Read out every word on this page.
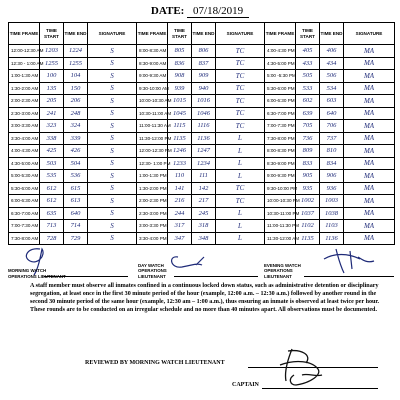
DATE: 07/18/2019
TIME FRAME	TIME START	TIME END	SIGNATURE	TIME FRAME	TIME START	TIME END	SIGNATURE	TIME FRAME	TIME START	TIME END	SIGNATURE
12:00-12:30 AM	1203	1224	S	8:00-8:30 AM	805	806	TC	4:00-4:30 PM	405	406	MA
12:30 - 1:00 AM	1255	1255	S	8:30-9:00 AM	836	837	TC	4:30-5:00 PM	433	434	MA
1:00-1:30 AM	100	104	S	9:00-9:30 AM	908	909	TC	5:00 -5:30 PM	505	506	MA
1:30-2:00 AM	135	150	S	9:30-10:00 AM	939	940	TC	5:30-6:00 PM	533	534	MA
2:00-2:30 AM	205	206	S	10:00-10:30 AM	1015	1016	TC	6:00-6:30 PM	602	603	MA
2:30-3:00 AM	241	248	S	10:30-11:00 AM	1045	1046	TC	6:30-7:00 PM	639	640	MA
3:00-3:30 AM	323	324	S	11:00-11:30 AM	1115	1116	TC	7:00-7:30 PM	705	706	MA
3:30-4:00 AM	338	339	S	11:30-12:00 PM	1135	1136	L	7:30-8:00 PM	736	737	MA
4:00-4:30 AM	425	426	S	12:00-12:30 PM	1246	1247	L	8:00-8:30 PM	809	810	MA
4:30-5:00 AM	503	504	S	12:30- 1:00 PM	1233	1234	L	8:30-9:00 PM	833	834	MA
5:00-5:30 AM	535	536	S	1:00-1:30 PM	110	111	L	9:00-9:30 PM	905	906	MA
5:30-6:00 AM	612	615	S	1:30-2:00 PM	141	142	TC	9:30-10:00 PM	935	936	MA
6:00-6:30 AM	612	613	S	2:00-2:30 PM	216	217	TC	10:00-10:30 PM	1002	1003	MA
6:30-7:00 AM	635	640	S	2:30-3:00 PM	244	245	L	10:30-11:00 PM	1037	1038	MA
7:00-7:30 AM	713	714	S	3:00-3:30 PM	317	318	L	11:00-11:30 PM	1102	1103	MA
7:30-8:00 AM	728	729	S	3:30-4:00 PM	347	348	L	11:30-12:00 AM	1135	1136	MA
MORNING WATCH OPERATIONS LIEUTENANT
DAY WATCH OPERATIONS LIEUTENANT
EVENING WATCH OPERATIONS LIEUTENANT
A staff member must observe all inmates confined in a continuous locked down status, such as administrative detention or disciplinary segregation, at least once in the first 30 minute period of the hour (example, 12:00 a.m. – 12:30 a.m.) followed by another round in the second 30 minute period of the same hour (example, 12:30 am – 1:00 a.m.), thus ensuring an inmate is observed at least twice per hour. These rounds are to be conducted on an irregular schedule and no more than 40 minutes apart. All observations must be documented.
REVIEWED BY MORNING WATCH LIEUTENANT
CAPTAIN
